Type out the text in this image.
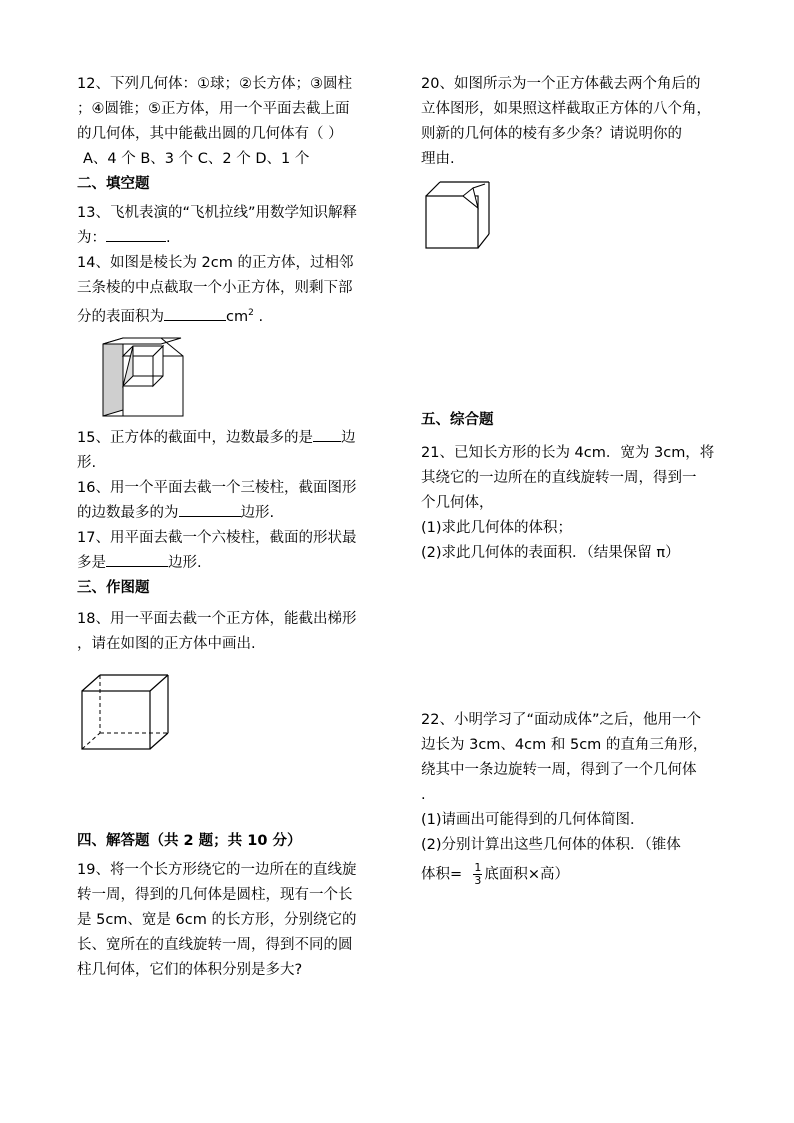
12、下列几何体：①球；②长方体；③圆柱

；④圆锥；⑤正方体，用一个平面去截上面

的几何体，其中能截出圆的几何体有（ ）

A、4 个 B、3 个 C、2 个 D、1 个

二、填空题

13、飞机表演的“飞机拉线”用数学知识解释

为：	.

14、如图是棱长为 2cm 的正方体，过相邻

三条棱的中点截取一个小正方体，则剩下部

分的表面积为	$cm^2$ .

15、正方体的截面中，边数最多的是 边

形.

16、用一个平面去截一个三棱柱，截面图形

的边数最多的为	边形.

17、用平面去截一个六棱柱，截面的形状最

多是	边形.

三、作图题

18、用一平面去截一个正方体，能截出梯形

，请在如图的正方体中画出.

四、解答题（共 2 题；共 10 分）

19、将一个长方形绕它的一边所在的直线旋

转一周，得到的几何体是圆柱，现有一个长

是 5cm、宽是 6cm 的长方形，分别绕它的

长、宽所在的直线旋转一周，得到不同的圆

柱几何体，它们的体积分别是多大?

20、如图所示为一个正方体截去两个角后的

立体图形，如果照这样截取正方体的八个角，

则新的几何体的棱有多少条？请说明你的

理由.

五、综合题

21、已知长方形的长为 4cm．宽为 3cm，将

其绕它的一边所在的直线旋转一周，得到一

个几何体，

(1)求此几何体的体积；

(2)求此几何体的表面积．（结果保留 π）

22、小明学习了“面动成体”之后，他用一个

边长为 3cm、4cm 和 5cm 的直角三角形，

绕其中一条边旋转一周，得到了一个几何体

.

(1)请画出可能得到的几何体简图．

(2)分别计算出这些几何体的体积．（锥体

体积= $\frac{1}{3}$ 底面积×高）
